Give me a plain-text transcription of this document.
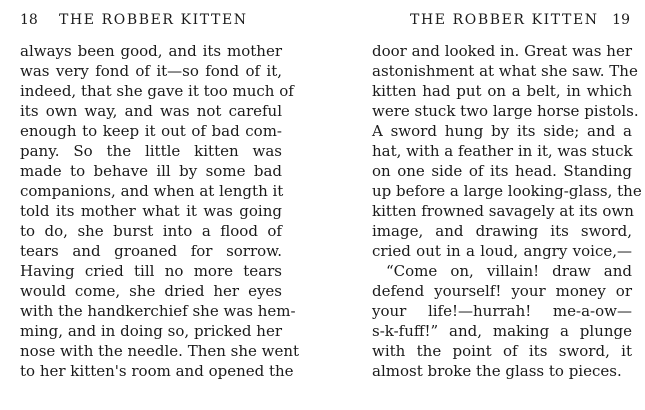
18 THE ROBBER KITTEN
always been good, and its mother
was very fond of it—so fond of it,
indeed, that she gave it too much of
its own way, and was not careful
enough to keep it out of bad com-
pany. So the little kitten was
made to behave ill by some bad
companions, and when at length it
told its mother what it was going
to do, she burst into a flood of
tears and groaned for sorrow.
Having cried till no more tears
would come, she dried her eyes
with the handkerchief she was hem-
ming, and in doing so, pricked her
nose with the needle. Then she went
to her kitten's room and opened the
THE ROBBER KITTEN 19
door and looked in. Great was her
astonishment at what she saw. The
kitten had put on a belt, in which
were stuck two large horse pistols.
A sword hung by its side; and a
hat, with a feather in it, was stuck
on one side of its head. Standing
up before a large looking-glass, the
kitten frowned savagely at its own
image, and drawing its sword,
cried out in a loud, angry voice,—
“Come on, villain! draw and
defend yourself! your money or
your life!—hurrah! me-a-ow—
s-k-fuff!” and, making a plunge
with the point of its sword, it
almost broke the glass to pieces.
